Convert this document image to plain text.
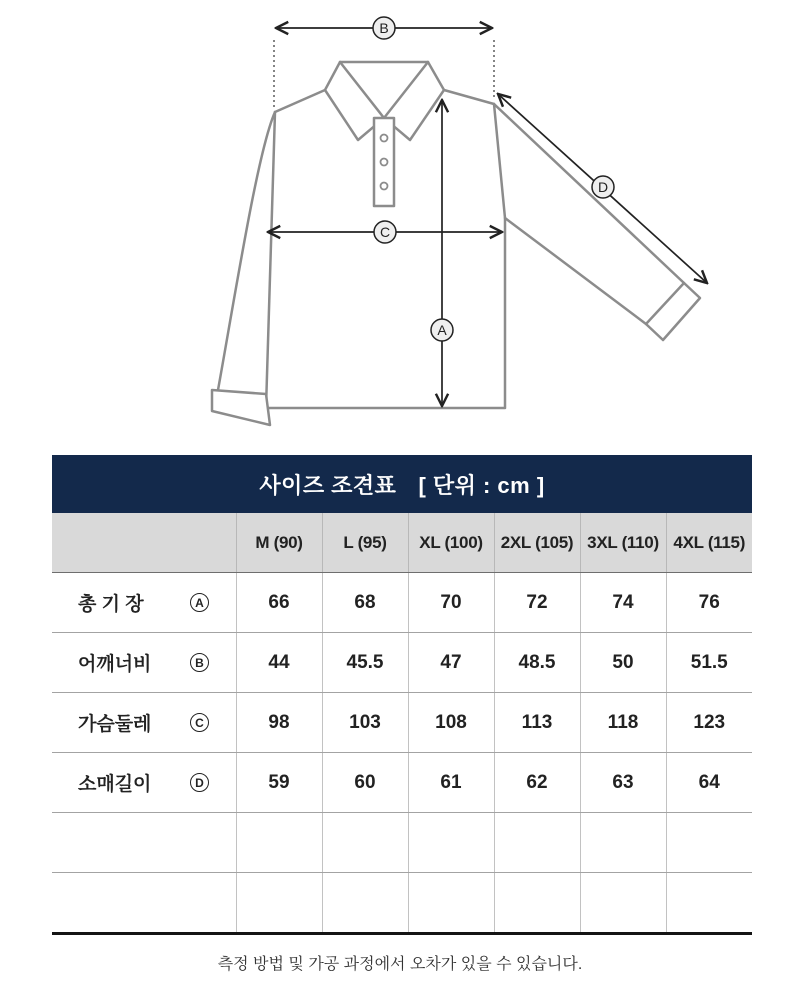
B
C
A
D
사이즈 조견표 [ 단위 : cm ]						
	M (90)	L (95)	XL (100)	2XL (105)	3XL (110)	4XL (115)
총 기 장 A	66	68	70	72	74	76
어깨너비 B	44	45.5	47	48.5	50	51.5
가슴둘레 C	98	103	108	113	118	123
소매길이 D	59	60	61	62	63	64

측정 방법 및 가공 과정에서 오차가 있을 수 있습니다.
